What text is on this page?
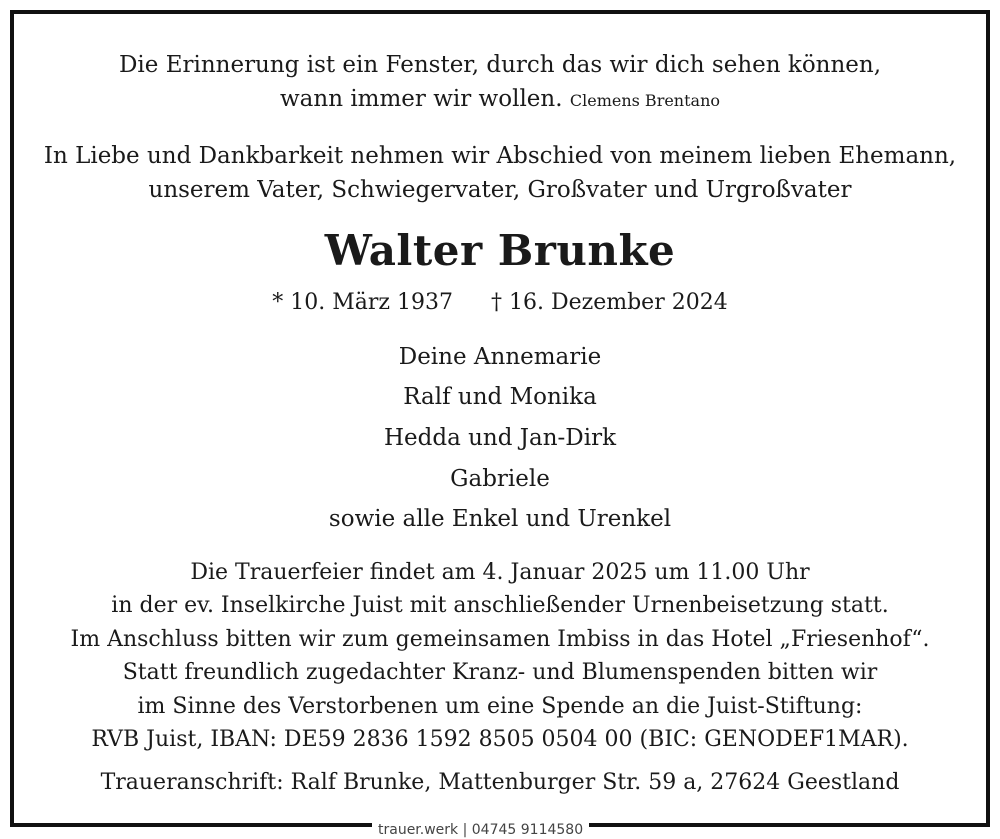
Die Erinnerung ist ein Fenster, durch das wir dich sehen können,
wann immer wir wollen. Clemens Brentano
In Liebe und Dankbarkeit nehmen wir Abschied von meinem lieben Ehemann,
unserem Vater, Schwiegervater, Großvater und Urgroßvater
Walter Brunke
* 10. März 1937 † 16. Dezember 2024
Deine Annemarie
Ralf und Monika
Hedda und Jan-Dirk
Gabriele
sowie alle Enkel und Urenkel
Die Trauerfeier findet am 4. Januar 2025 um 11.00 Uhr
in der ev. Inselkirche Juist mit anschließender Urnenbeisetzung statt.
Im Anschluss bitten wir zum gemeinsamen Imbiss in das Hotel „Friesenhof“.
Statt freundlich zugedachter Kranz- und Blumenspenden bitten wir
im Sinne des Verstorbenen um eine Spende an die Juist-Stiftung:
RVB Juist, IBAN: DE59 2836 1592 8505 0504 00 (BIC: GENODEF1MAR).
Traueranschrift: Ralf Brunke, Mattenburger Str. 59 a, 27624 Geestland
trauer.werk | 04745 9114580
